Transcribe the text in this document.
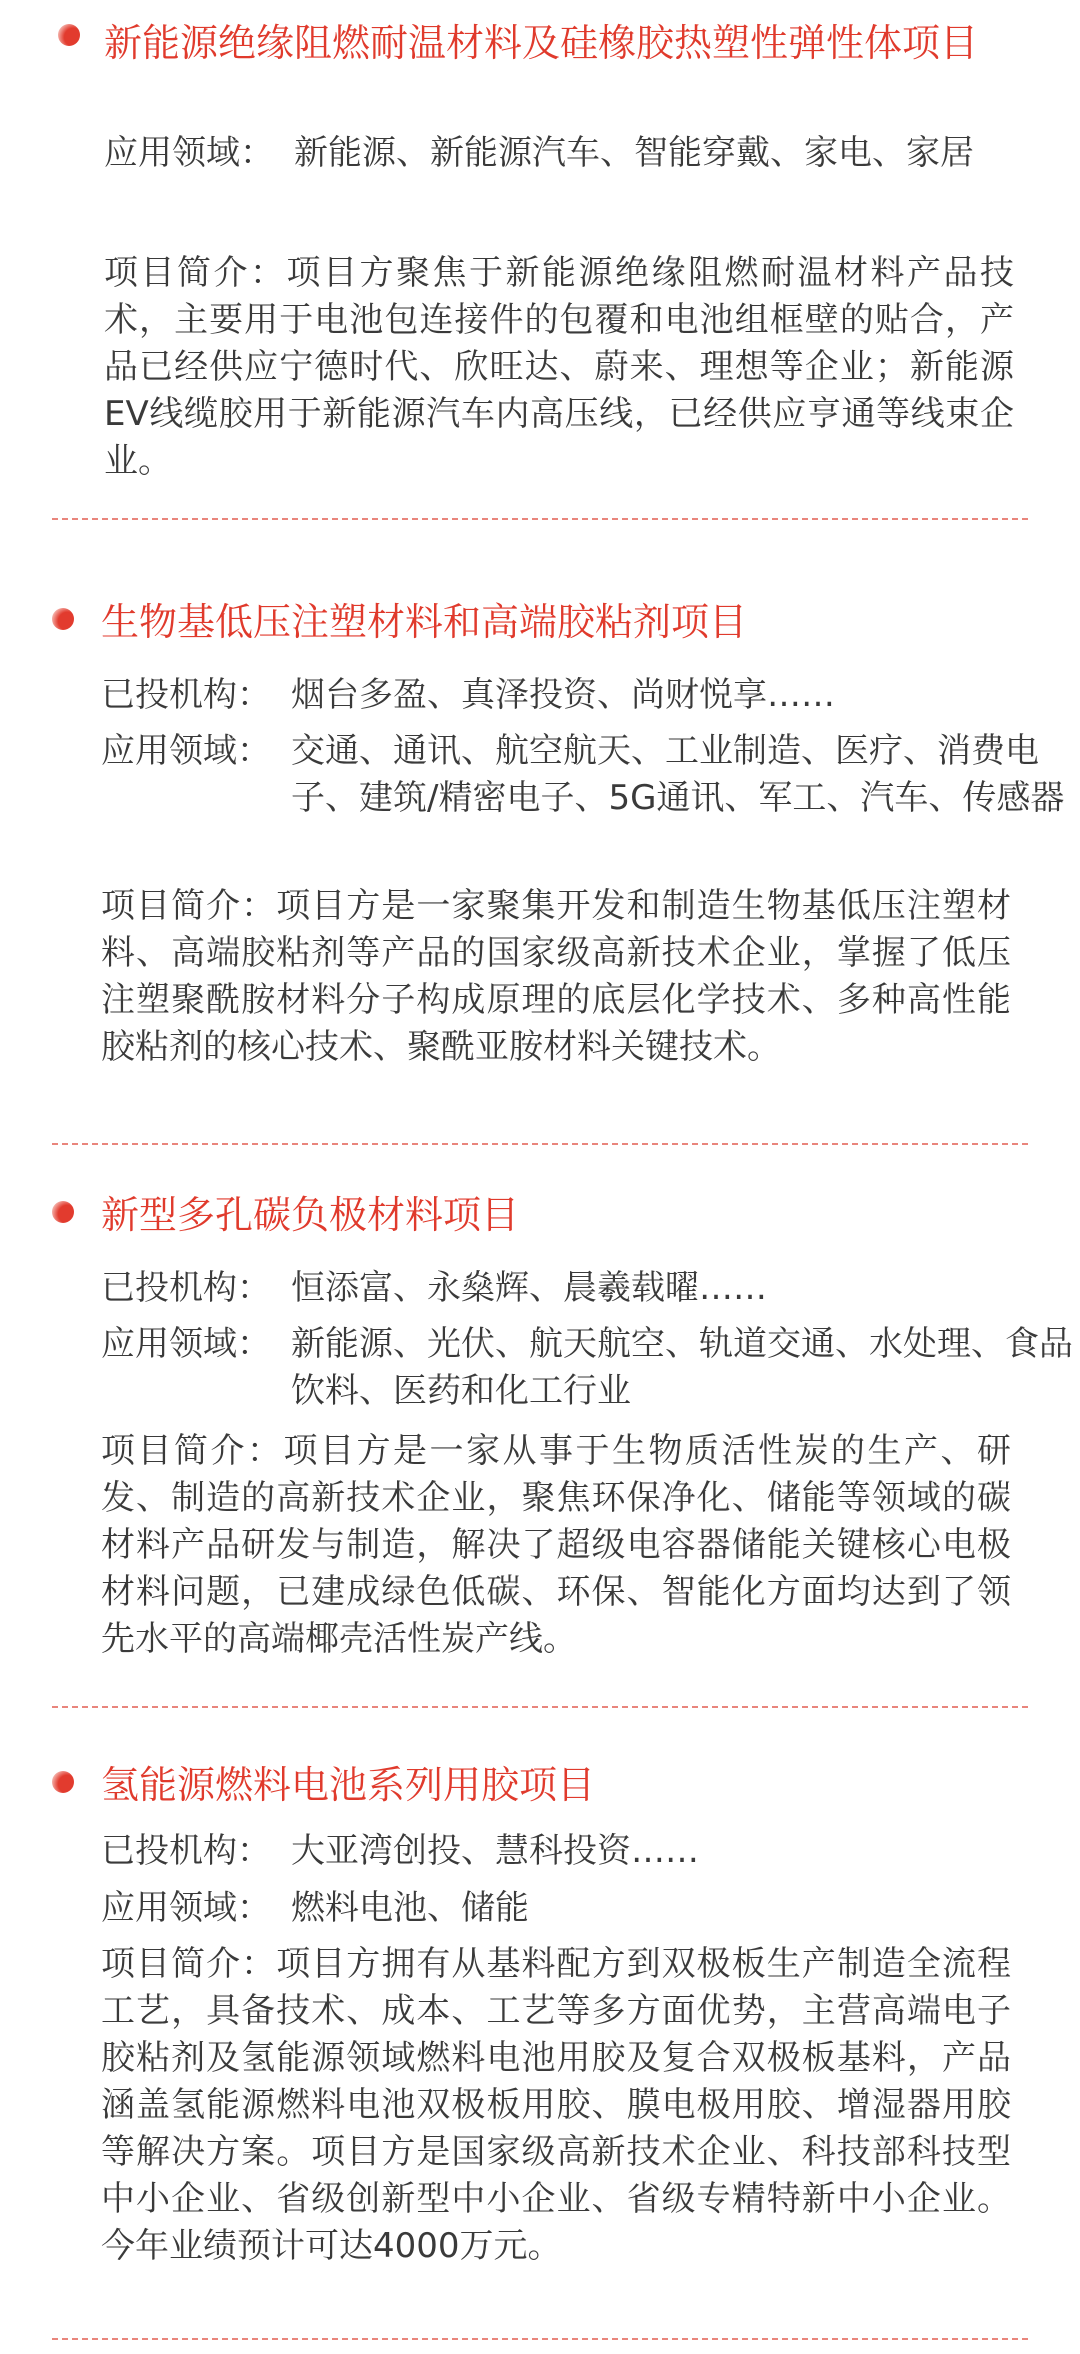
新能源绝缘阻燃耐温材料及硅橡胶热塑性弹性体项目
应用领域： 新能源、新能源汽车、智能穿戴、家电、家居
项目简介：项目方聚焦于新能源绝缘阻燃耐温材料产品技术，主要用于电池包连接件的包覆和电池组框壁的贴合，产品已经供应宁德时代、欣旺达、蔚来、理想等企业；新能源EV线缆胶用于新能源汽车内高压线，已经供应亨通等线束企业。
生物基低压注塑材料和高端胶粘剂项目
已投机构： 烟台多盈、真泽投资、尚财悦享……
应用领域： 交通、通讯、航空航天、工业制造、医疗、消费电子、建筑/精密电子、5G通讯、军工、汽车、传感器
项目简介：项目方是一家聚集开发和制造生物基低压注塑材料、高端胶粘剂等产品的国家级高新技术企业，掌握了低压注塑聚酰胺材料分子构成原理的底层化学技术、多种高性能胶粘剂的核心技术、聚酰亚胺材料关键技术。
新型多孔碳负极材料项目
已投机构： 恒添富、永燊辉、晨羲载曜……
应用领域： 新能源、光伏、航天航空、轨道交通、水处理、食品饮料、医药和化工行业
项目简介：项目方是一家从事于生物质活性炭的生产、研发、制造的高新技术企业，聚焦环保净化、储能等领域的碳材料产品研发与制造，解决了超级电容器储能关键核心电极材料问题，已建成绿色低碳、环保、智能化方面均达到了领先水平的高端椰壳活性炭产线。
氢能源燃料电池系列用胶项目
已投机构： 大亚湾创投、慧科投资……
应用领域： 燃料电池、储能
项目简介：项目方拥有从基料配方到双极板生产制造全流程工艺，具备技术、成本、工艺等多方面优势，主营高端电子胶粘剂及氢能源领域燃料电池用胶及复合双极板基料，产品涵盖氢能源燃料电池双极板用胶、膜电极用胶、增湿器用胶等解决方案。项目方是国家级高新技术企业、科技部科技型中小企业、省级创新型中小企业、省级专精特新中小企业。今年业绩预计可达4000万元。
